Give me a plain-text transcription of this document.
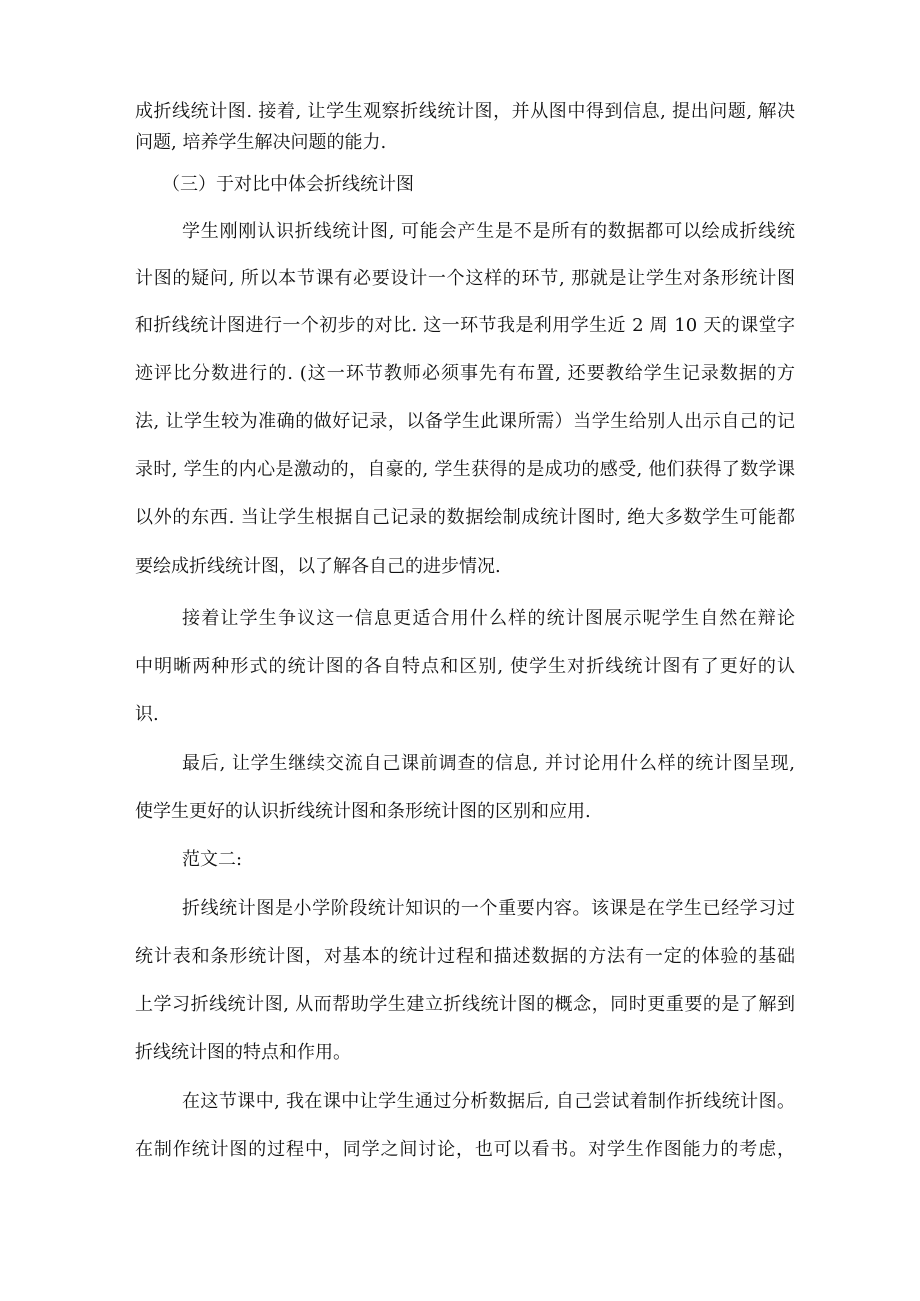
成折线统计图. 接着, 让学生观察折线统计图，并从图中得到信息, 提出问题, 解决
问题, 培养学生解决问题的能力.
（三）于对比中体会折线统计图
学生刚刚认识折线统计图, 可能会产生是不是所有的数据都可以绘成折线统
计图的疑问, 所以本节课有必要设计一个这样的环节, 那就是让学生对条形统计图
和折线统计图进行一个初步的对比. 这一环节我是利用学生近 2 周 10 天的课堂字
迹评比分数进行的. (这一环节教师必须事先有布置, 还要教给学生记录数据的方
法, 让学生较为准确的做好记录，以备学生此课所需）当学生给别人出示自己的记
录时, 学生的内心是激动的，自豪的, 学生获得的是成功的感受, 他们获得了数学课
以外的东西. 当让学生根据自己记录的数据绘制成统计图时, 绝大多数学生可能都
要绘成折线统计图，以了解各自己的进步情况.
接着让学生争议这一信息更适合用什么样的统计图展示呢学生自然在辩论
中明晰两种形式的统计图的各自特点和区别, 使学生对折线统计图有了更好的认
识.
最后, 让学生继续交流自己课前调查的信息, 并讨论用什么样的统计图呈现,
使学生更好的认识折线统计图和条形统计图的区别和应用.
范文二:
折线统计图是小学阶段统计知识的一个重要内容。该课是在学生已经学习过
统计表和条形统计图，对基本的统计过程和描述数据的方法有一定的体验的基础
上学习折线统计图, 从而帮助学生建立折线统计图的概念，同时更重要的是了解到
折线统计图的特点和作用。
在这节课中, 我在课中让学生通过分析数据后, 自己尝试着制作折线统计图。
在制作统计图的过程中，同学之间讨论，也可以看书。对学生作图能力的考虑，
